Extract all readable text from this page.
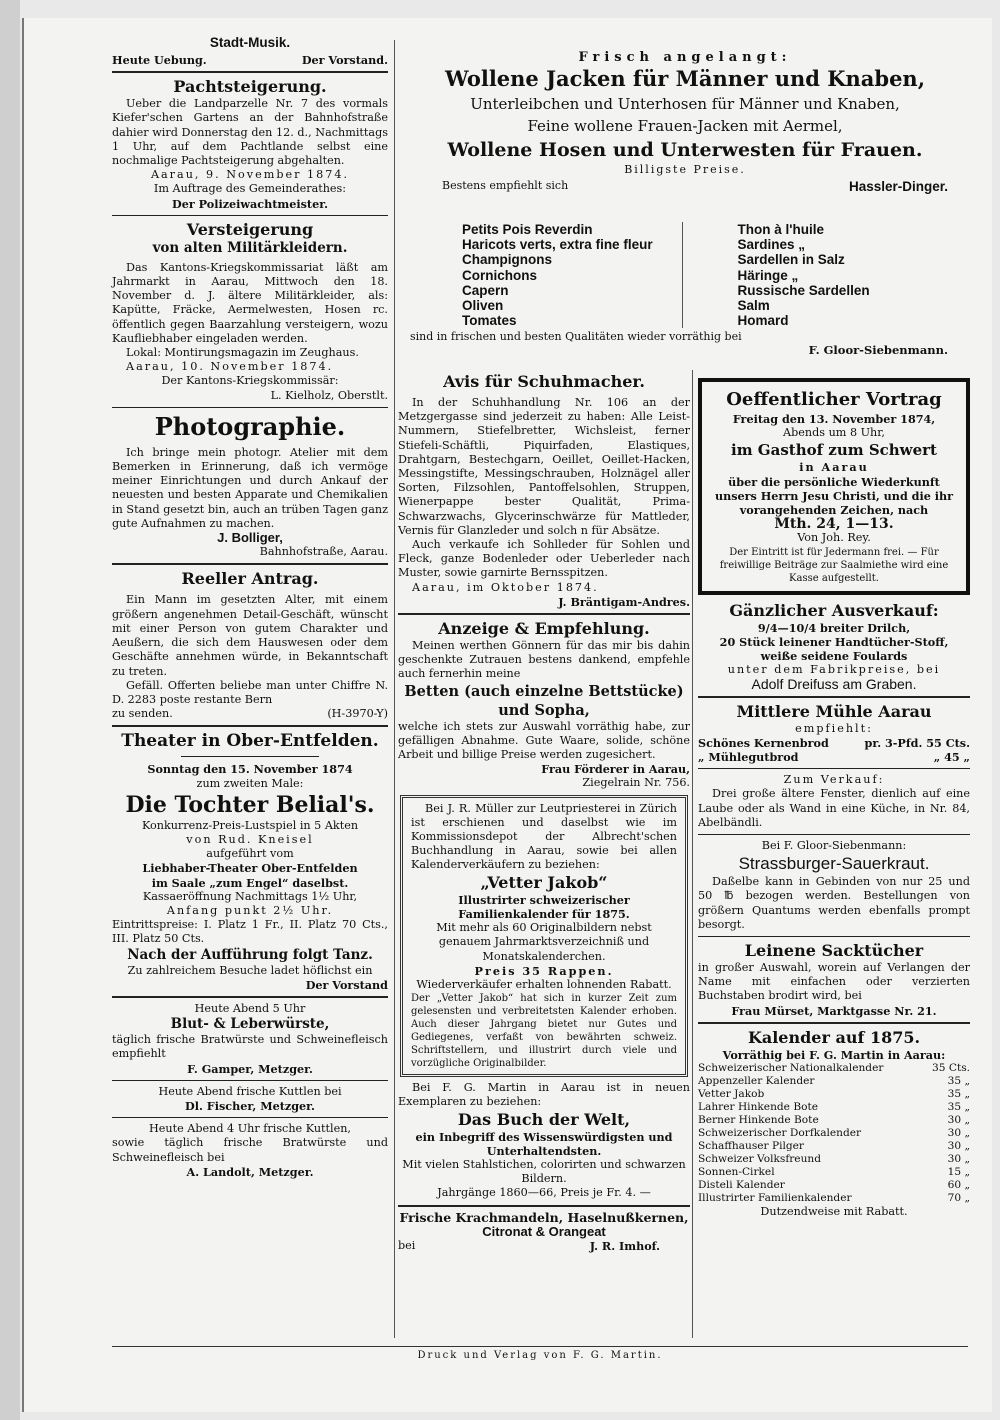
Stadt-Musik.
Heute Uebung.	Der Vorstand.
Pachtsteigerung.
Ueber die Landparzelle Nr. 7 des vormals Kiefer'schen Gartens an der Bahnhofstraße dahier wird Donnerstag den 12. d., Nachmittags 1 Uhr, auf dem Pachtlande selbst eine nochmalige Pachtsteigerung abgehalten.
Aarau, 9. November 1874.
Im Auftrage des Gemeinderathes:
Der Polizeiwachtmeister.
Versteigerung
von alten Militärkleidern.
Das Kantons-Kriegskommissariat läßt am Jahrmarkt in Aarau, Mittwoch den 18. November d. J. ältere Militärkleider, als: Kapütte, Fräcke, Aermelwesten, Hosen rc. öffentlich gegen Baarzahlung versteigern, wozu Kaufliebhaber eingeladen werden.
Lokal: Montirungsmagazin im Zeughaus.
Aarau, 10. November 1874.
Der Kantons-Kriegskommissär:
L. Kielholz, Oberstlt.
Photographie.
Ich bringe mein photogr. Atelier mit dem Bemerken in Erinnerung, daß ich vermöge meiner Einrichtungen und durch Ankauf der neuesten und besten Apparate und Chemikalien in Stand gesetzt bin, auch an trüben Tagen ganz gute Aufnahmen zu machen.
J. Bolliger,
Bahnhofstraße, Aarau.
Reeller Antrag.
Ein Mann im gesetzten Alter, mit einem größern angenehmen Detail-Geschäft, wünscht mit einer Person von gutem Charakter und Aeußern, die sich dem Hauswesen oder dem Geschäfte annehmen würde, in Bekanntschaft zu treten.
Gefäll. Offerten beliebe man unter Chiffre N. D. 2283 poste restante Bern
zu senden.	(H-3970-Y)
Theater in Ober-Entfelden.
Sonntag den 15. November 1874
zum zweiten Male:
Die Tochter Belial's.
Konkurrenz-Preis-Lustspiel in 5 Akten
von Rud. Kneisel
aufgeführt vom
Liebhaber-Theater Ober-Entfelden
im Saale „zum Engel“ daselbst.
Kassaeröffnung Nachmittags 1½ Uhr,
Anfang punkt 2½ Uhr.
Eintrittspreise: I. Platz 1 Fr., II. Platz 70 Cts., III. Platz 50 Cts.
Nach der Aufführung folgt Tanz.
Zu zahlreichem Besuche ladet höflichst ein
Der Vorstand
Heute Abend 5 Uhr
Blut- & Leberwürste,
täglich frische Bratwürste und Schweinefleisch empfiehlt
F. Gamper, Metzger.
Heute Abend frische Kuttlen bei
Dl. Fischer, Metzger.
Heute Abend 4 Uhr frische Kuttlen,
sowie täglich frische Bratwürste und Schweinefleisch bei
A. Landolt, Metzger.
Frisch angelangt:
Wollene Jacken für Männer und Knaben,
Unterleibchen und Unterhosen für Männer und Knaben,
Feine wollene Frauen-Jacken mit Aermel,
Wollene Hosen und Unterwesten für Frauen.
Billigste Preise.
Bestens empfiehlt sich	Hassler-Dinger.
Petits Pois Reverdin
Haricots verts, extra fine fleur
Champignons
Cornichons
Capern
Oliven
Tomates
Thon à l'huile
Sardines „
Sardellen in Salz
Häringe „
Russische Sardellen
Salm
Homard
sind in frischen und besten Qualitäten wieder vorräthig bei
F. Gloor-Siebenmann.
Avis für Schuhmacher.
In der Schuhhandlung Nr. 106 an der Metzgergasse sind jederzeit zu haben: Alle Leist-Nummern, Stiefelbretter, Wichsleist, ferner Stiefeli-Schäftli, Piquirfaden, Elastiques, Drahtgarn, Bestechgarn, Oeillet, Oeillet-Hacken, Messingstifte, Messingschrauben, Holznägel aller Sorten, Filzsohlen, Pantoffelsohlen, Struppen, Wienerpappe bester Qualität, Prima-Schwarzwachs, Glycerinschwärze für Mattleder, Vernis für Glanzleder und solch n für Absätze.
Auch verkaufe ich Sohlleder für Sohlen und Fleck, ganze Bodenleder oder Ueberleder nach Muster, sowie garnirte Bernsspitzen.
Aarau, im Oktober 1874.
J. Bräntigam-Andres.
Anzeige & Empfehlung.
Meinen werthen Gönnern für das mir bis dahin geschenkte Zutrauen bestens dankend, empfehle auch fernerhin meine
Betten (auch einzelne Bettstücke) und Sopha,
welche ich stets zur Auswahl vorräthig habe, zur gefälligen Abnahme. Gute Waare, solide, schöne Arbeit und billige Preise werden zugesichert.
Frau Förderer in Aarau,
Ziegelrain Nr. 756.
Bei J. R. Müller zur Leutpriesterei in Zürich ist erschienen und daselbst wie im Kommissionsdepot der Albrecht'schen Buchhandlung in Aarau, sowie bei allen Kalenderverkäufern zu beziehen:
„Vetter Jakob“
Illustrirter schweizerischer Familienkalender für 1875.
Mit mehr als 60 Originalbildern nebst genauem Jahrmarktsverzeichniß und Monatskalenderchen.
Preis 35 Rappen.
Wiederverkäufer erhalten lohnenden Rabatt.
Der „Vetter Jakob“ hat sich in kurzer Zeit zum gelesensten und verbreitetsten Kalender erhoben. Auch dieser Jahrgang bietet nur Gutes und Gediegenes, verfaßt von bewährten schweiz. Schriftstellern, und illustrirt durch viele und vorzügliche Originalbilder.
Bei F. G. Martin in Aarau ist in neuen Exemplaren zu beziehen:
Das Buch der Welt,
ein Inbegriff des Wissenswürdigsten und Unterhaltendsten.
Mit vielen Stahlstichen, colorirten und schwarzen Bildern.
Jahrgänge 1860—66, Preis je Fr. 4. —
Frische Krachmandeln, Haselnußkernen,
Citronat & Orangeat
bei	J. R. Imhof.
Oeffentlicher Vortrag
Freitag den 13. November 1874,
Abends um 8 Uhr,
im Gasthof zum Schwert
in Aarau
über die persönliche Wiederkunft unsers Herrn Jesu Christi, und die ihr vorangehenden Zeichen, nach
Mth. 24, 1—13.
Von Joh. Rey.
Der Eintritt ist für Jedermann frei. — Für freiwillige Beiträge zur Saalmiethe wird eine Kasse aufgestellt.
Gänzlicher Ausverkauf:
9/4—10/4 breiter Drilch,
20 Stück leinener Handtücher-Stoff,
weiße seidene Foulards
unter dem Fabrikpreise, bei
Adolf Dreifuss am Graben.
Mittlere Mühle Aarau
empfiehlt:
Schönes Kernenbrod	pr. 3-Pfd. 55 Cts.
„ Mühlegutbrod	„ 45 „
Zum Verkauf:
Drei große ältere Fenster, dienlich auf eine Laube oder als Wand in eine Küche, in Nr. 84, Abelbändli.
Bei F. Gloor-Siebenmann:
Strassburger-Sauerkraut.
Daßelbe kann in Gebinden von nur 25 und 50 ℔ bezogen werden. Bestellungen von größern Quantums werden ebenfalls prompt besorgt.
Leinene Sacktücher
in großer Auswahl, worein auf Verlangen der Name mit einfachen oder verzierten Buchstaben brodirt wird, bei
Frau Mürset, Marktgasse Nr. 21.
Kalender auf 1875.
Vorräthig bei F. G. Martin in Aarau:
Schweizerischer Nationalkalender	35 Cts.
Appenzeller Kalender	35 „
Vetter Jakob	35 „
Lahrer Hinkende Bote	35 „
Berner Hinkende Bote	30 „
Schweizerischer Dorfkalender	30 „
Schaffhauser Pilger	30 „
Schweizer Volksfreund	30 „
Sonnen-Cirkel	15 „
Disteli Kalender	60 „
Illustrirter Familienkalender	70 „
Dutzendweise mit Rabatt.
Druck und Verlag von F. G. Martin.
